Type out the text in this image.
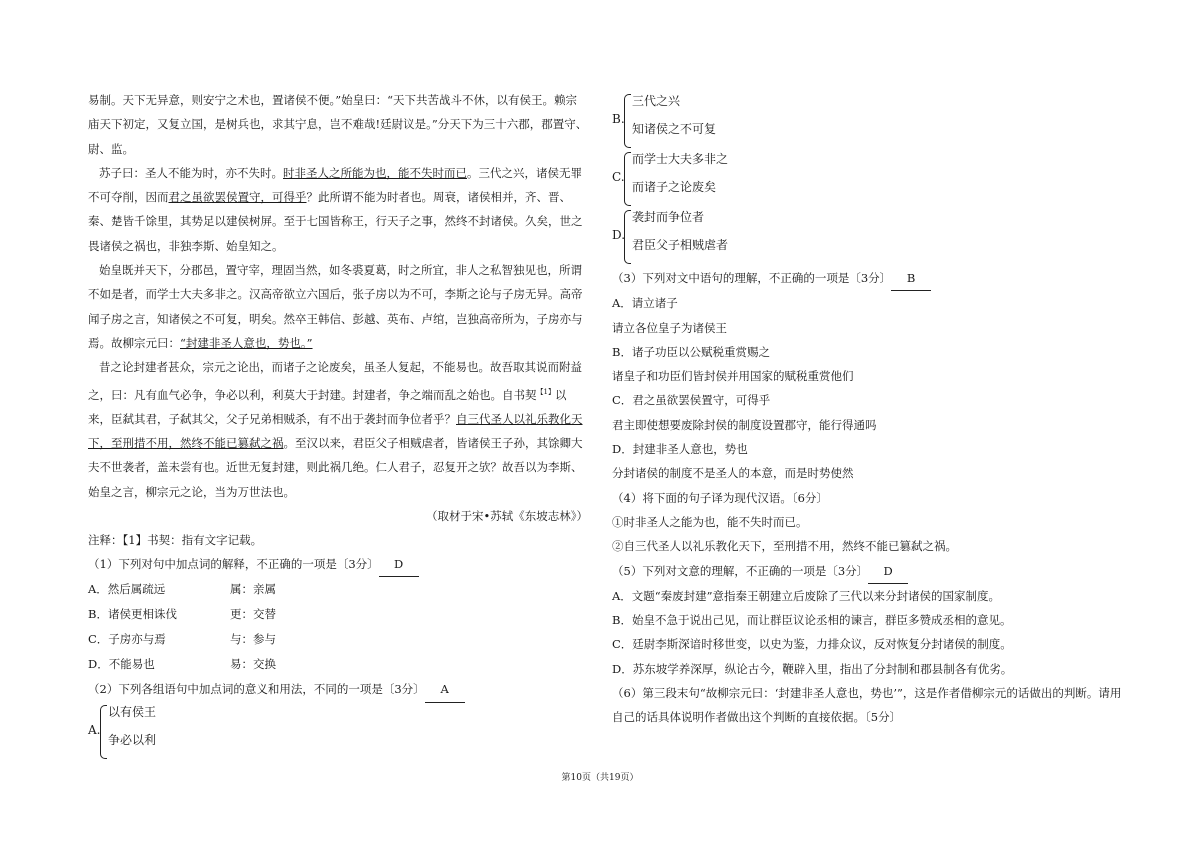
易制。天下无异意，则安宁之术也，置诸侯不便。”始皇曰：“天下共苦战斗不休，以有侯王。赖宗庙天下初定，又复立国，是树兵也，求其宁息，岂不难哉!廷尉议是。”分天下为三十六郡，郡置守、尉、监。

苏子曰：圣人不能为时，亦不失时。时非圣人之所能为也，能不失时而已。三代之兴，诸侯无罪不可夺削，因而君之虽欲罢侯置守，可得乎？此所谓不能为时者也。周衰，诸侯相并，齐、晋、秦、楚皆千馀里，其势足以建侯树屏。至于七国皆称王，行天子之事，然终不封诸侯。久矣，世之畏诸侯之祸也，非独李斯、始皇知之。

始皇既并天下，分郡邑，置守宰，理固当然，如冬裘夏葛，时之所宜，非人之私智独见也，所谓不如是者，而学士大夫多非之。汉高帝欲立六国后，张子房以为不可，李斯之论与子房无异。高帝闻子房之言，知诸侯之不可复，明矣。然卒王韩信、彭越、英布、卢绾，岂独高帝所为，子房亦与焉。故柳宗元曰：“封建非圣人意也，势也。”

昔之论封建者甚众，宗元之论出，而诸子之论废矣，虽圣人复起，不能易也。故吾取其说而附益之，曰：凡有血气必争，争必以利，利莫大于封建。封建者，争之端而乱之始也。自书契$^{【1】}$以来，臣弑其君，子弑其父，父子兄弟相贼杀，有不出于袭封而争位者乎？自三代圣人以礼乐教化天下，至刑措不用，然终不能已篡弑之祸。至汉以来，君臣父子相贼虐者，皆诸侯王子孙，其馀卿大夫不世袭者，盖未尝有也。近世无复封建，则此祸几绝。仁人君子，忍复开之欤？故吾以为李斯、始皇之言，柳宗元之论，当为万世法也。

（取材于宋•苏轼《东坡志林》）

注释：【1】书契：指有文字记载。

（1）下列对句中加点词的解释，不正确的一项是〔3分〕 D
A．然后属疏远	属：亲属
B．诸侯更相诛伐	更：交替
C．子房亦与焉	与：参与
D．不能易也	易：交换
（2）下列各组语句中加点词的意义和用法，不同的一项是〔3分〕 A
A.
以有侯王
争必以利
B.
三代之兴
知诸侯之不可复
C.
而学士大夫多非之
而诸子之论废矣
D.
袭封而争位者
君臣父子相贼虐者
（3）下列对文中语句的理解，不正确的一项是〔3分〕 B

A．请立诸子

请立各位皇子为诸侯王

B．诸子功臣以公赋税重赏赐之

诸皇子和功臣们皆封侯并用国家的赋税重赏他们

C．君之虽欲罢侯置守，可得乎

君主即使想要废除封侯的制度设置郡守，能行得通吗

D．封建非圣人意也，势也

分封诸侯的制度不是圣人的本意，而是时势使然

（4）将下面的句子译为现代汉语。〔6分〕

①时非圣人之能为也，能不失时而已。

②自三代圣人以礼乐教化天下，至刑措不用，然终不能已篡弑之祸。

（5）下列对文意的理解，不正确的一项是〔3分〕 D

A．文题“秦废封建”意指秦王朝建立后废除了三代以来分封诸侯的国家制度。

B．始皇不急于说出己见，而让群臣议论丞相的谏言，群臣多赞成丞相的意见。

C．廷尉李斯深谙时移世变，以史为鉴，力排众议，反对恢复分封诸侯的制度。

D．苏东坡学养深厚，纵论古今，鞭辟入里，指出了分封制和郡县制各有优劣。

（6）第三段末句“故柳宗元曰：‘封建非圣人意也，势也’”，这是作者借柳宗元的话做出的判断。请用自己的话具体说明作者做出这个判断的直接依据。〔5分〕

第10页（共19页）
